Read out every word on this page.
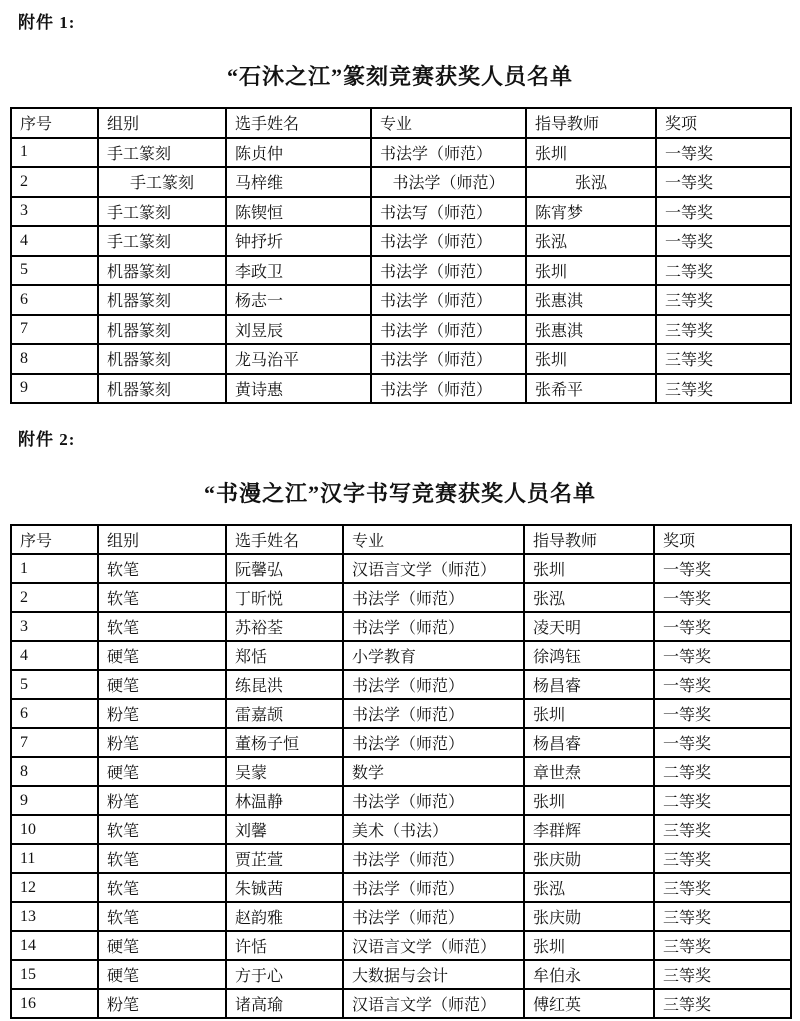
附件 1:
“石沐之江”篆刻竞赛获奖人员名单
序号	组别	选手姓名	专业	指导教师	奖项
1	手工篆刻	陈贞仲	书法学（师范）	张圳	一等奖
2	手工篆刻	马梓维	书法学（师范）	张泓	一等奖
3	手工篆刻	陈锲恒	书法写（师范）	陈宵梦	一等奖
4	手工篆刻	钟抒圻	书法学（师范）	张泓	一等奖
5	机器篆刻	李政卫	书法学（师范）	张圳	二等奖
6	机器篆刻	杨志一	书法学（师范）	张惠淇	三等奖
7	机器篆刻	刘昱辰	书法学（师范）	张惠淇	三等奖
8	机器篆刻	龙马治平	书法学（师范）	张圳	三等奖
9	机器篆刻	黄诗惠	书法学（师范）	张希平	三等奖
附件 2:
“书漫之江”汉字书写竞赛获奖人员名单
序号	组别	选手姓名	专业	指导教师	奖项
1	软笔	阮馨弘	汉语言文学（师范）	张圳	一等奖
2	软笔	丁昕悦	书法学（师范）	张泓	一等奖
3	软笔	苏裕荃	书法学（师范）	凌天明	一等奖
4	硬笔	郑恬	小学教育	徐鸿钰	一等奖
5	硬笔	练昆洪	书法学（师范）	杨昌睿	一等奖
6	粉笔	雷嘉颉	书法学（师范）	张圳	一等奖
7	粉笔	董杨子恒	书法学（师范）	杨昌睿	一等奖
8	硬笔	吴蒙	数学	章世焘	二等奖
9	粉笔	林温静	书法学（师范）	张圳	二等奖
10	软笔	刘馨	美术（书法）	李群辉	三等奖
11	软笔	贾芷萱	书法学（师范）	张庆勋	三等奖
12	软笔	朱铖茜	书法学（师范）	张泓	三等奖
13	软笔	赵韵雅	书法学（师范）	张庆勋	三等奖
14	硬笔	许恬	汉语言文学（师范）	张圳	三等奖
15	硬笔	方于心	大数据与会计	牟伯永	三等奖
16	粉笔	诸高瑜	汉语言文学（师范）	傅红英	三等奖
